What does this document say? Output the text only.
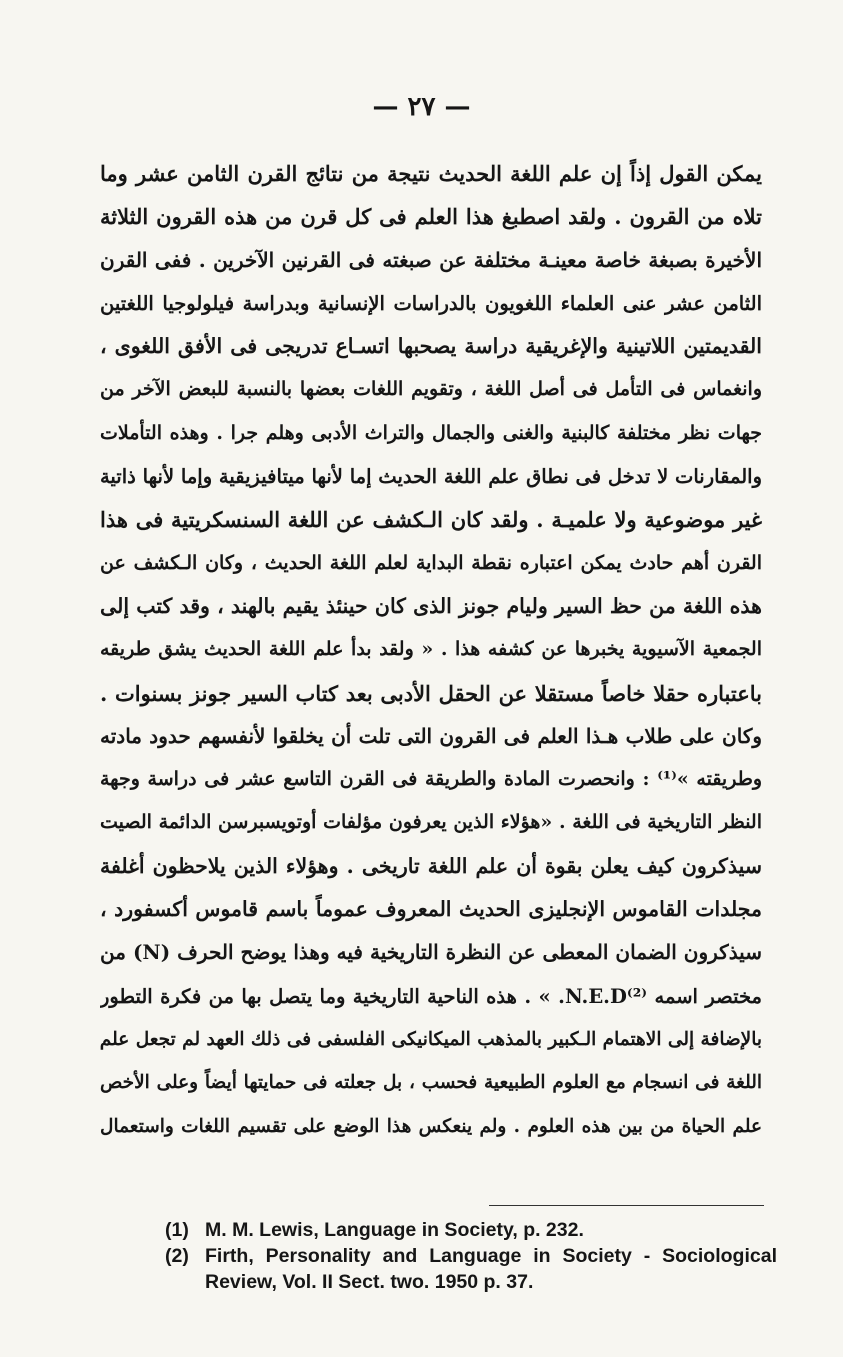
— ٢٧ —
يمكن القول إذاً إن علم اللغة الحديث نتيجة من نتائج القرن الثامن عشر وما
تلاه من القرون . ولقد اصطبغ هذا العلم فى كل قرن من هذه القرون الثلاثة
الأخيرة بصبغة خاصة معينـة مختلفة عن صبغته فى القرنين الآخرين . ففى القرن
الثامن عشر عنى العلماء اللغويون بالدراسات الإنسانية وبدراسة فيلولوجيا اللغتين
القديمتين اللاتينية والإغريقية دراسة يصحبها اتسـاع تدريجى فى الأفق اللغوى ،
وانغماس فى التأمل فى أصل اللغة ، وتقويم اللغات بعضها بالنسبة للبعض الآخر من
جهات نظر مختلفة كالبنية والغنى والجمال والتراث الأدبى وهلم جرا . وهذه التأملات
والمقارنات لا تدخل فى نطاق علم اللغة الحديث إما لأنها ميتافيزيقية وإما لأنها ذاتية
غير موضوعية ولا علميـة . ولقد كان الـكشف عن اللغة السنسكريتية فى هذا
القرن أهم حادث يمكن اعتباره نقطة البداية لعلم اللغة الحديث ، وكان الـكشف عن
هذه اللغة من حظ السير وليام جونز الذى كان حينئذ يقيم بالهند ، وقد كتب إلى
الجمعية الآسيوية يخبرها عن كشفه هذا . « ولقد بدأ علم اللغة الحديث يشق طريقه
باعتباره حقلا خاصاً مستقلا عن الحقل الأدبى بعد كتاب السير جونز بسنوات .
وكان على طلاب هـذا العلم فى القرون التى تلت أن يخلقوا لأنفسهم حدود مادته
وطريقته »⁽¹⁾ : وانحصرت المادة والطريقة فى القرن التاسع عشر فى دراسة وجهة
النظر التاريخية فى اللغة . «هؤلاء الذين يعرفون مؤلفات أوتويسبرسن الدائمة الصيت
سيذكرون كيف يعلن بقوة أن علم اللغة تاريخى . وهؤلاء الذين يلاحظون أغلفة
مجلدات القاموس الإنجليزى الحديث المعروف عموماً باسم قاموس أكسفورد ،
سيذكرون الضمان المعطى عن النظرة التاريخية فيه وهذا يوضح الحرف (N) من
مختصر اسمه ⁽²⁾N.E.D. » . هذه الناحية التاريخية وما يتصل بها من فكرة التطور
بالإضافة إلى الاهتمام الـكبير بالمذهب الميكانيكى الفلسفى فى ذلك العهد لم تجعل علم
اللغة فى انسجام مع العلوم الطبيعية فحسب ، بل جعلته فى حمايتها أيضاً وعلى الأخص
علم الحياة من بين هذه العلوم . ولم ينعكس هذا الوضع على تقسيم اللغات واستعمال
(1) M. M. Lewis, Language in Society, p. 232.
(2) Firth, Personality and Language in Society - Sociological Review, Vol. II Sect. two. 1950 p. 37.
